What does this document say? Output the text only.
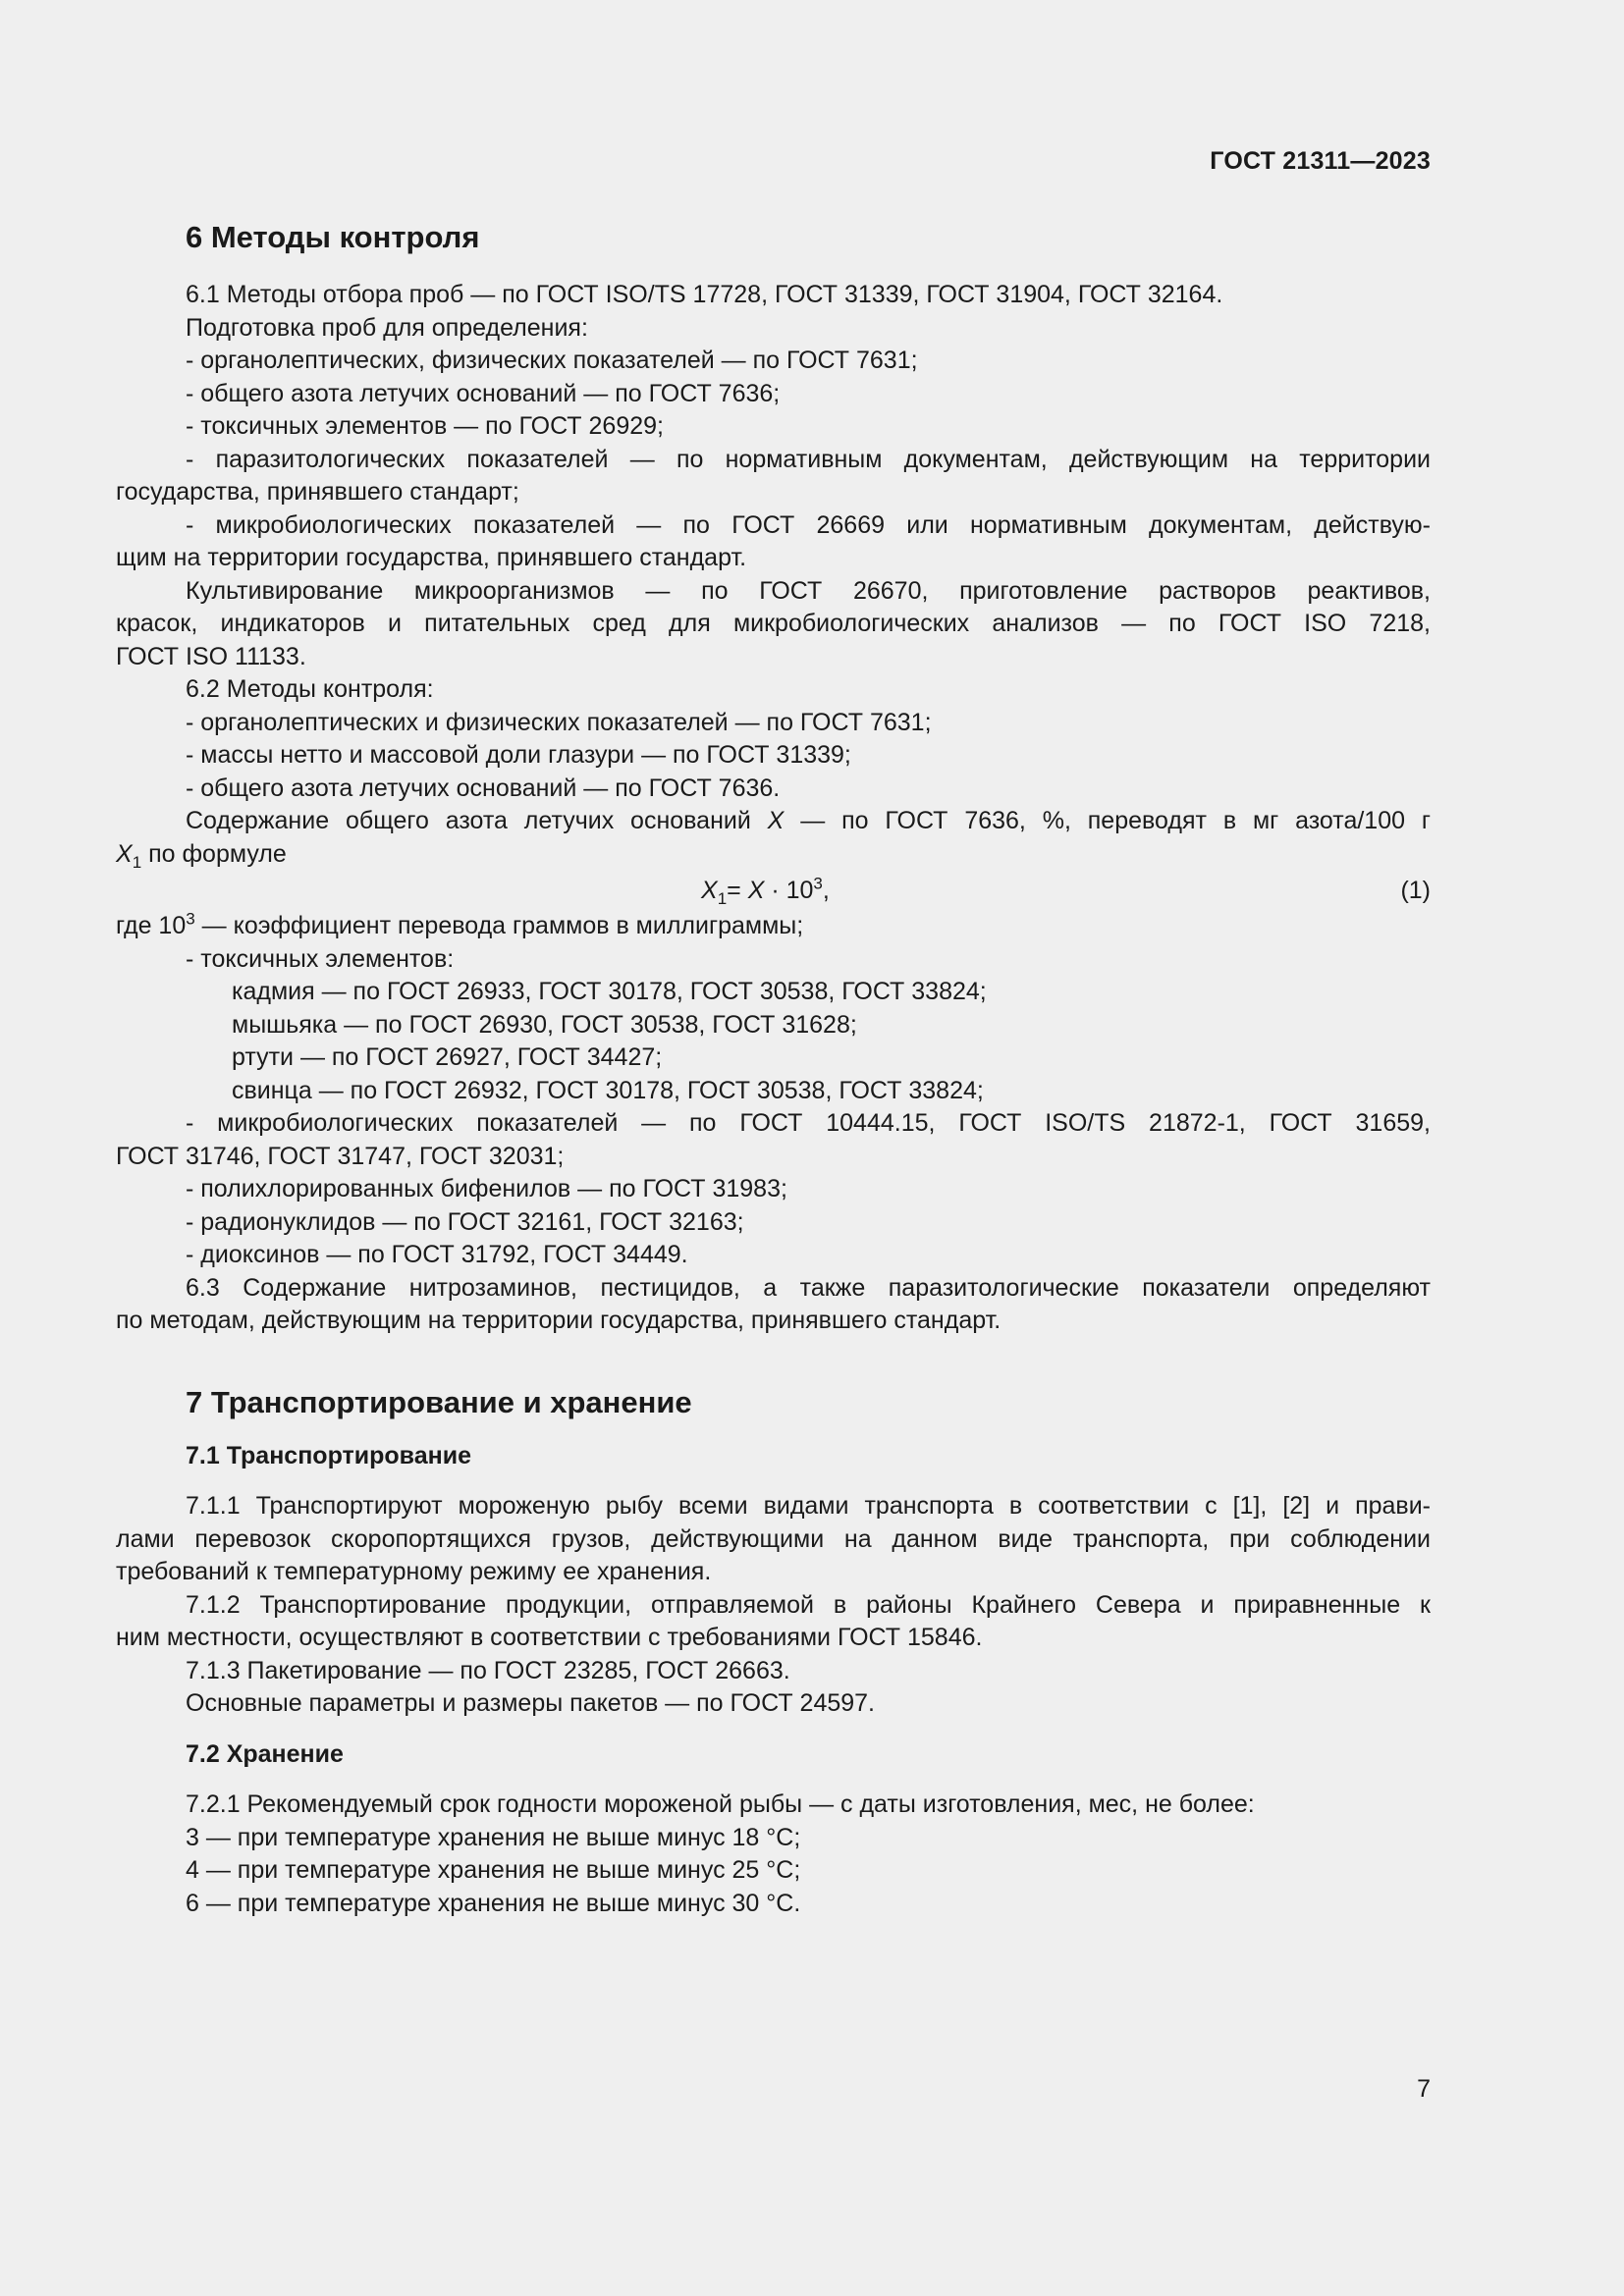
ГОСТ 21311—2023
6 Методы контроля
6.1 Методы отбора проб — по ГОСТ ISO/TS 17728, ГОСТ 31339, ГОСТ 31904, ГОСТ 32164.
Подготовка проб для определения:
- органолептических, физических показателей — по ГОСТ 7631;
- общего азота летучих оснований — по ГОСТ 7636;
- токсичных элементов — по ГОСТ 26929;
- паразитологических показателей — по нормативным документам, действующим на территории
государства, принявшего стандарт;
- микробиологических показателей — по ГОСТ 26669 или нормативным документам, действую-
щим на территории государства, принявшего стандарт.
Культивирование микроорганизмов — по ГОСТ 26670, приготовление растворов реактивов,
красок, индикаторов и питательных сред для микробиологических анализов — по ГОСТ ISO 7218,
ГОСТ ISO 11133.
6.2 Методы контроля:
- органолептических и физических показателей — по ГОСТ 7631;
- массы нетто и массовой доли глазури — по ГОСТ 31339;
- общего азота летучих оснований — по ГОСТ 7636.
Содержание общего азота летучих оснований X — по ГОСТ 7636, %, переводят в мг азота/100 г
$X_1$ по формуле
$X_1= X \cdot 10^3$,	(1)
где $10^3$ — коэффициент перевода граммов в миллиграммы;
- токсичных элементов:
кадмия — по ГОСТ 26933, ГОСТ 30178, ГОСТ 30538, ГОСТ 33824;
мышьяка — по ГОСТ 26930, ГОСТ 30538, ГОСТ 31628;
ртути — по ГОСТ 26927, ГОСТ 34427;
свинца — по ГОСТ 26932, ГОСТ 30178, ГОСТ 30538, ГОСТ 33824;
- микробиологических показателей — по ГОСТ 10444.15, ГОСТ ISO/TS 21872-1, ГОСТ 31659,
ГОСТ 31746, ГОСТ 31747, ГОСТ 32031;
- полихлорированных бифенилов — по ГОСТ 31983;
- радионуклидов — по ГОСТ 32161, ГОСТ 32163;
- диоксинов — по ГОСТ 31792, ГОСТ 34449.
6.3 Содержание нитрозаминов, пестицидов, а также паразитологические показатели определяют
по методам, действующим на территории государства, принявшего стандарт.
7 Транспортирование и хранение
7.1 Транспортирование
7.1.1 Транспортируют мороженую рыбу всеми видами транспорта в соответствии с [1], [2] и прави-
лами перевозок скоропортящихся грузов, действующими на данном виде транспорта, при соблюдении
требований к температурному режиму ее хранения.
7.1.2 Транспортирование продукции, отправляемой в районы Крайнего Севера и приравненные к
ним местности, осуществляют в соответствии с требованиями ГОСТ 15846.
7.1.3 Пакетирование — по ГОСТ 23285, ГОСТ 26663.
Основные параметры и размеры пакетов — по ГОСТ 24597.
7.2 Хранение
7.2.1 Рекомендуемый срок годности мороженой рыбы — с даты изготовления, мес, не более:
3 — при температуре хранения не выше минус 18 °С;
4 — при температуре хранения не выше минус 25 °С;
6 — при температуре хранения не выше минус 30 °С.
7
